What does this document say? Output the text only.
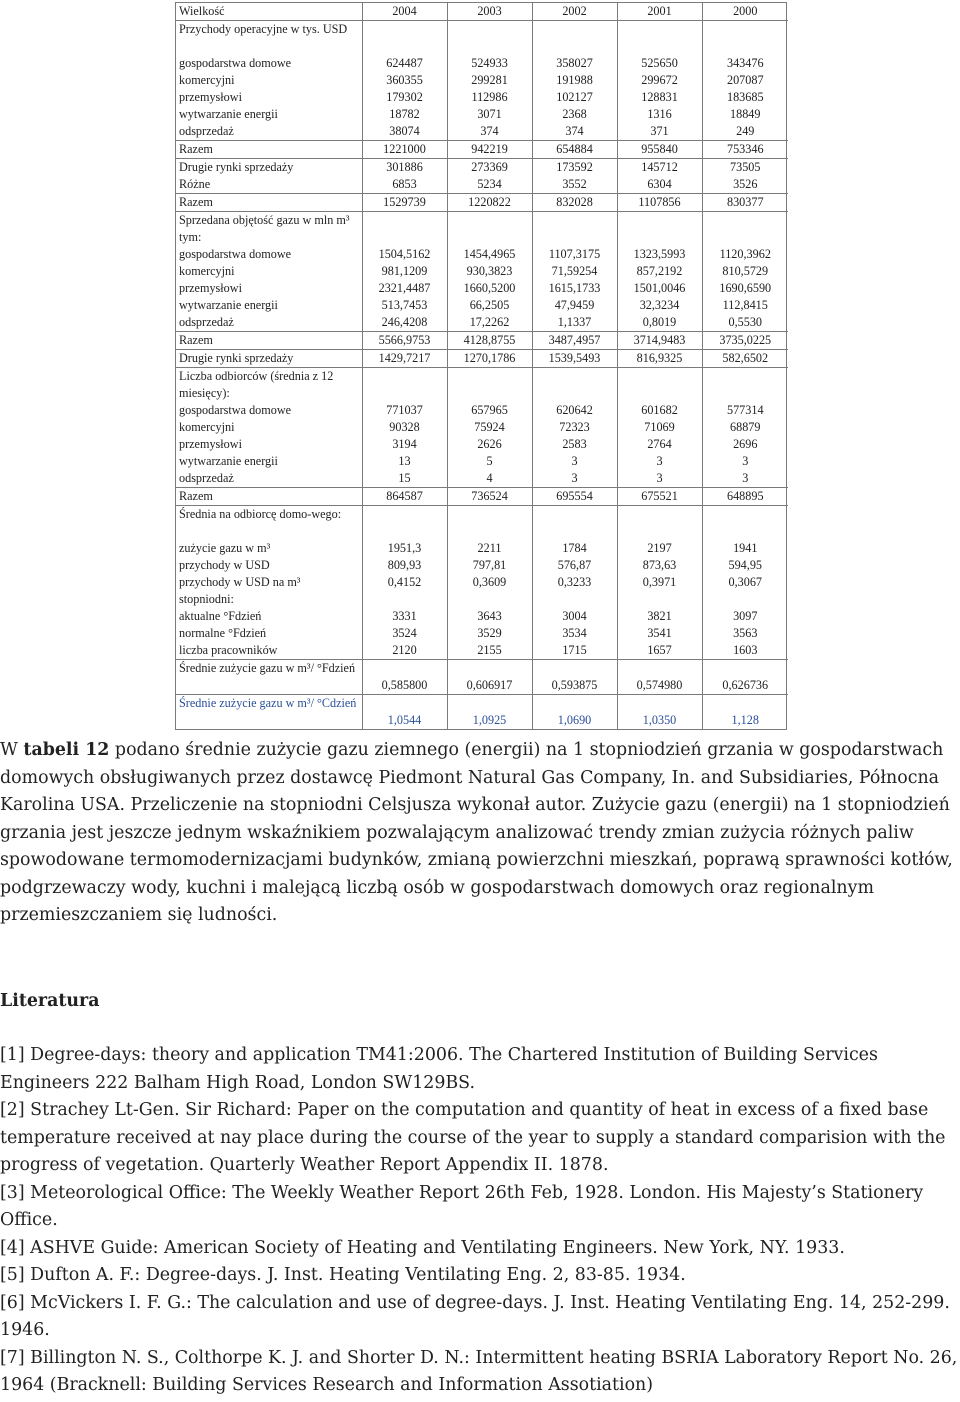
Wielkość	2004	2003	2002	2001	2000
Przychody operacyjne w tys. USD					
gospodarstwa domowe	624487	524933	358027	525650	343476
komercyjni	360355	299281	191988	299672	207087
przemysłowi	179302	112986	102127	128831	183685
wytwarzanie energii	18782	3071	2368	1316	18849
odsprzedaż	38074	374	374	371	249
Razem	1221000	942219	654884	955840	753346
Drugie rynki sprzedaży	301886	273369	173592	145712	73505
Różne	6853	5234	3552	6304	3526
Razem	1529739	1220822	832028	1107856	830377
Sprzedana objętość gazu w mln m³ tym:					
gospodarstwa domowe	1504,5162	1454,4965	1107,3175	1323,5993	1120,3962
komercyjni	981,1209	930,3823	71,59254	857,2192	810,5729
przemysłowi	2321,4487	1660,5200	1615,1733	1501,0046	1690,6590
wytwarzanie energii	513,7453	66,2505	47,9459	32,3234	112,8415
odsprzedaż	246,4208	17,2262	1,1337	0,8019	0,5530
Razem	5566,9753	4128,8755	3487,4957	3714,9483	3735,0225
Drugie rynki sprzedaży	1429,7217	1270,1786	1539,5493	816,9325	582,6502
Liczba odbiorców (średnia z 12 miesięcy):					
gospodarstwa domowe	771037	657965	620642	601682	577314
komercyjni	90328	75924	72323	71069	68879
przemysłowi	3194	2626	2583	2764	2696
wytwarzanie energii	13	5	3	3	3
odsprzedaż	15	4	3	3	3
Razem	864587	736524	695554	675521	648895
Średnia na odbiorcę domo-wego:					
zużycie gazu w m³	1951,3	2211	1784	2197	1941
przychody w USD	809,93	797,81	576,87	873,63	594,95
przychody w USD na m³	0,4152	0,3609	0,3233	0,3971	0,3067
stopniodni:					
aktualne °Fdzień	3331	3643	3004	3821	3097
normalne °Fdzień	3524	3529	3534	3541	3563
liczba pracowników	2120	2155	1715	1657	1603
Średnie zużycie gazu w m³/ °Fdzień	0,585800	0,606917	0,593875	0,574980	0,626736
Średnie zużycie gazu w m³/ °Cdzień	1,0544	1,0925	1,0690	1,0350	1,128
W tabeli 12 podano średnie zużycie gazu ziemnego (energii) na 1 stopniodzień grzania w gospodarstwach domowych obsługiwanych przez dostawcę Piedmont Natural Gas Company, In. and Subsidiaries, Północna Karolina USA. Przeliczenie na stopniodni Celsjusza wykonał autor. Zużycie gazu (energii) na 1 stopniodzień grzania jest jeszcze jednym wskaźnikiem pozwalającym analizować trendy zmian zużycia różnych paliw spowodowane termomodernizacjami budynków, zmianą powierzchni mieszkań, poprawą sprawności kotłów, podgrzewaczy wody, kuchni i malejącą liczbą osób w gospodarstwach domowych oraz regionalnym przemieszczaniem się ludności.
Literatura
[1] Degree-days: theory and application TM41:2006. The Chartered Institution of Building Services Engineers 222 Balham High Road, London SW129BS.
[2] Strachey Lt-Gen. Sir Richard: Paper on the computation and quantity of heat in excess of a fixed base temperature received at nay place during the course of the year to supply a standard comparision with the progress of vegetation. Quarterly Weather Report Appendix II. 1878.
[3] Meteorological Office: The Weekly Weather Report 26th Feb, 1928. London. His Majesty’s Stationery Office.
[4] ASHVE Guide: American Society of Heating and Ventilating Engineers. New York, NY. 1933.
[5] Dufton A. F.: Degree-days. J. Inst. Heating Ventilating Eng. 2, 83-85. 1934.
[6] McVickers I. F. G.: The calculation and use of degree-days. J. Inst. Heating Ventilating Eng. 14, 252-299. 1946.
[7] Billington N. S., Colthorpe K. J. and Shorter D. N.: Intermittent heating BSRIA Laboratory Report No. 26, 1964 (Bracknell: Building Services Research and Information Assotiation)
